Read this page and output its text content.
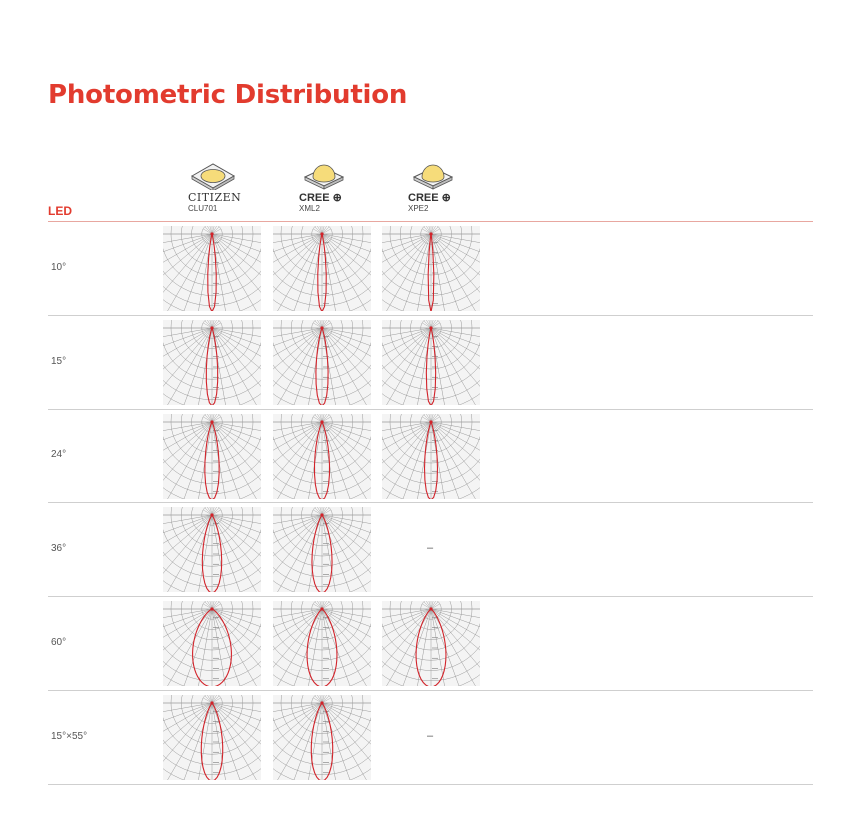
Photometric Distribution
LED
CITIZEN
CLU701
CREE ⊕
XML2
CREE ⊕
XPE2
10°
15°
24°
36°	–
60°
15°×55°	–
